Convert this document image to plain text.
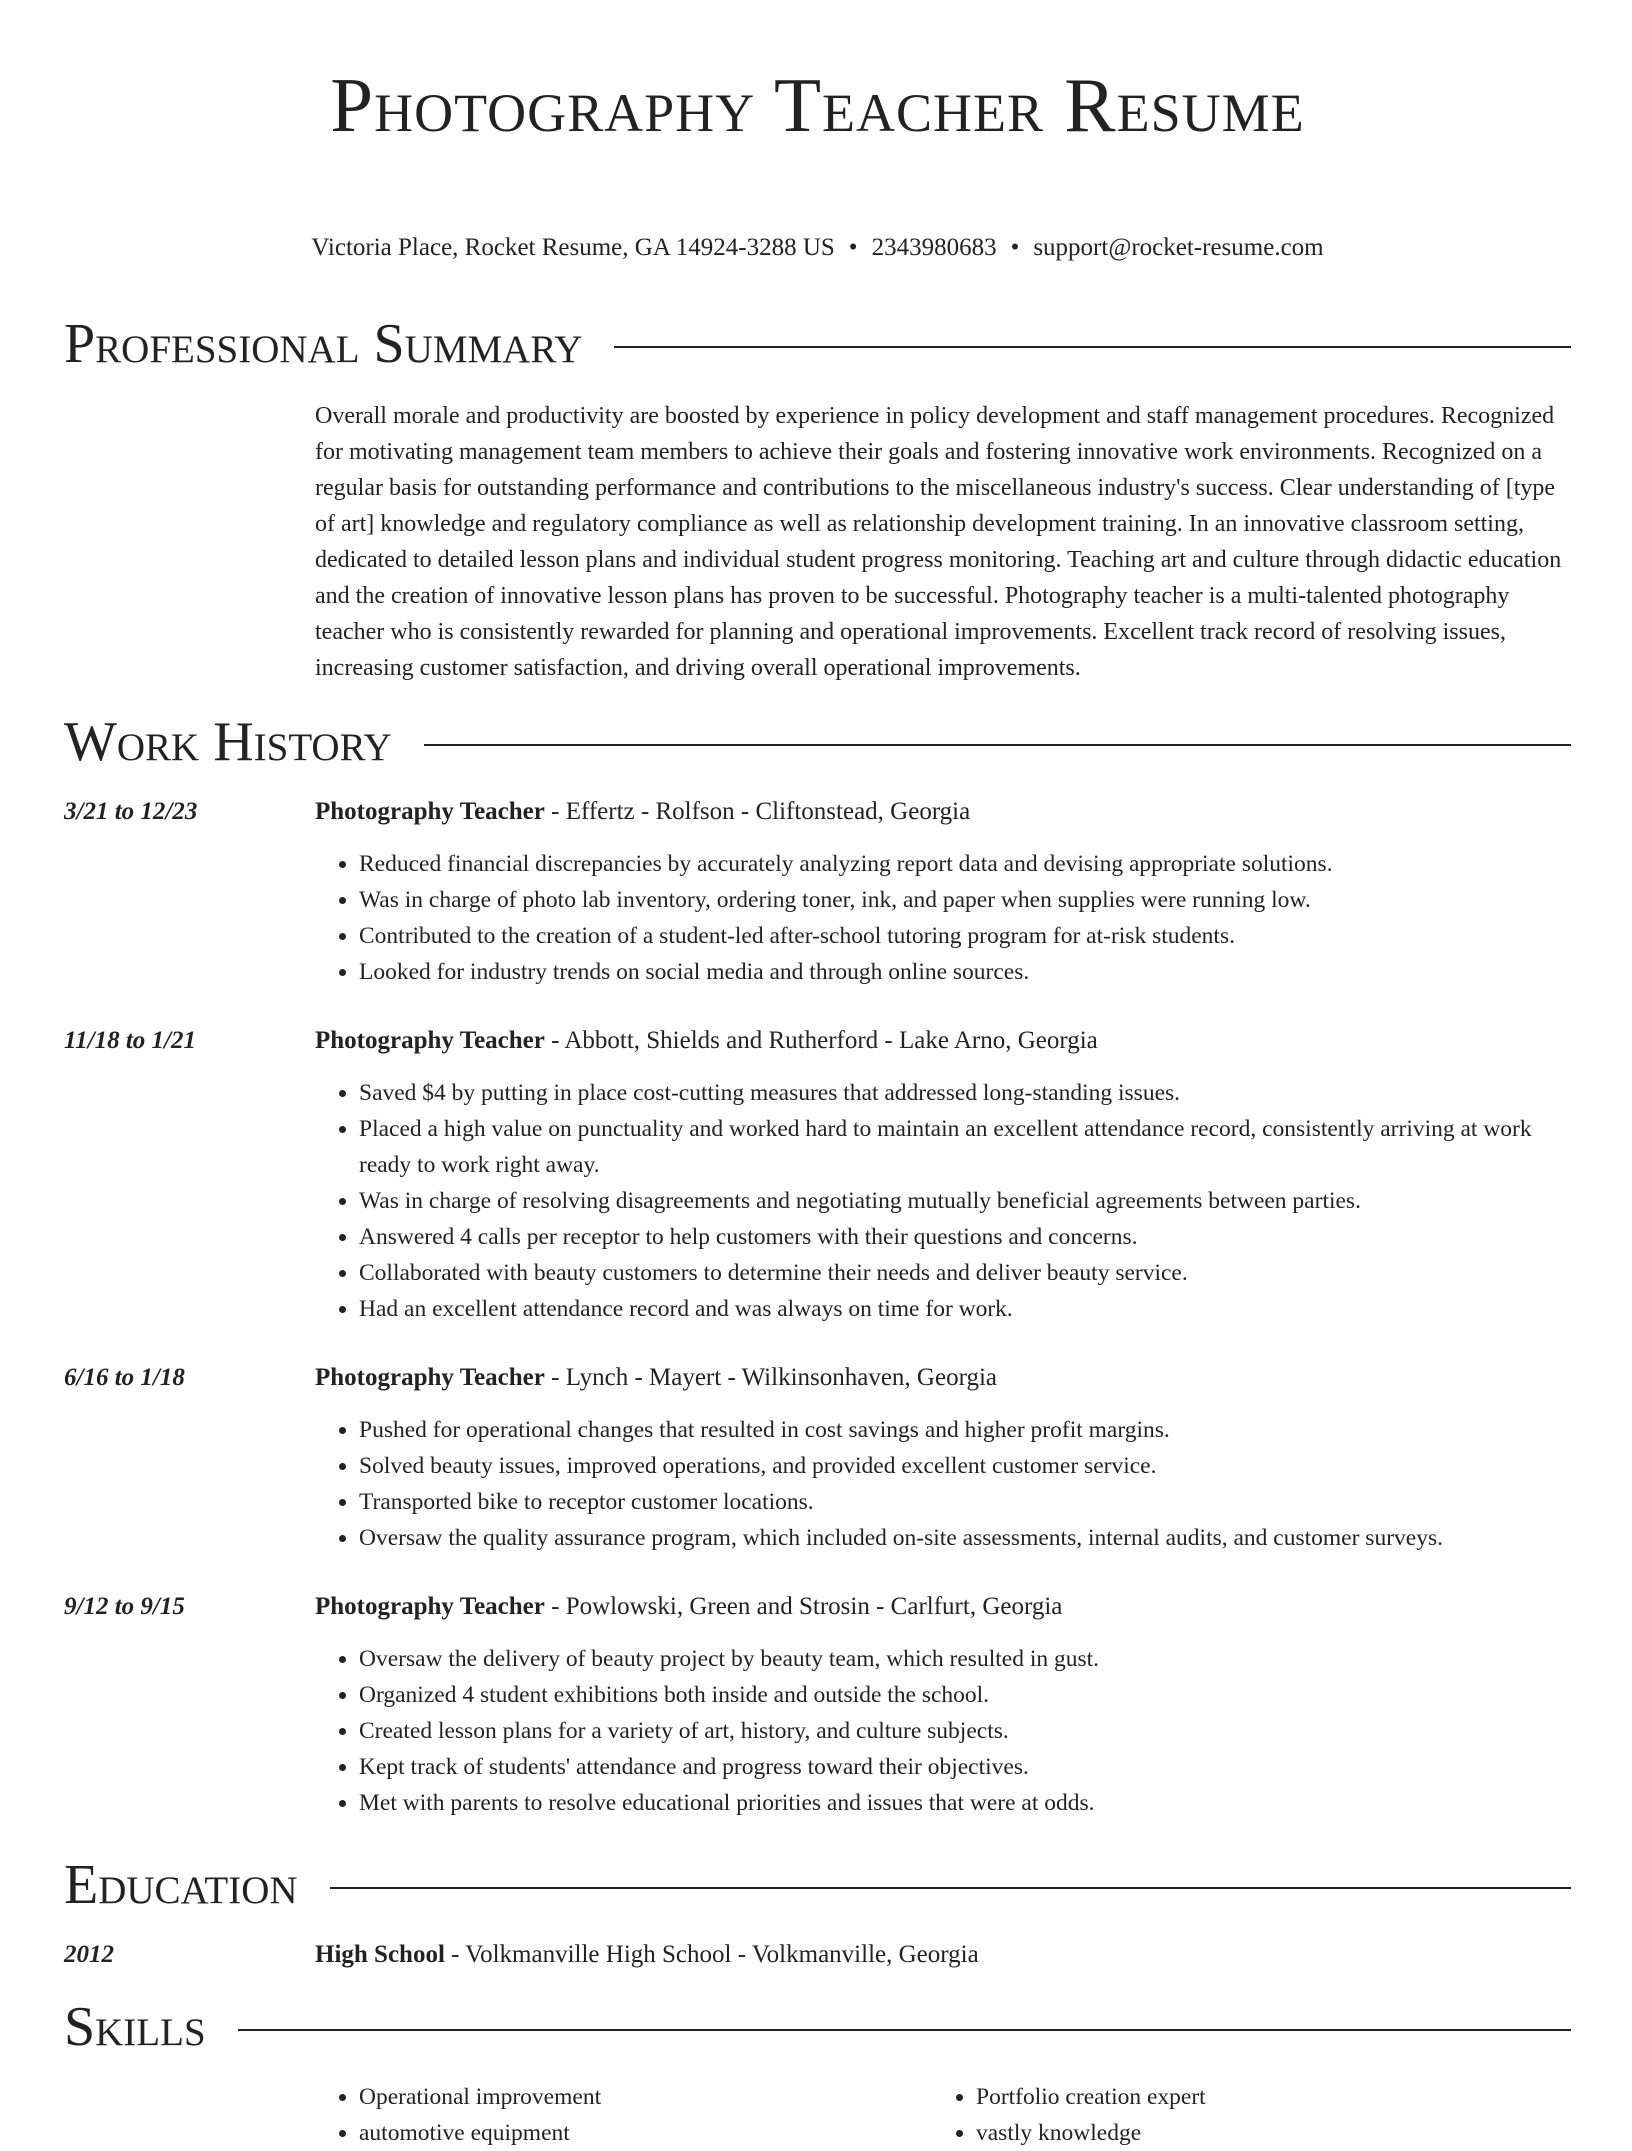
Photography Teacher Resume
Victoria Place, Rocket Resume, GA 14924-3288 US • 2343980683 • support@rocket-resume.com
Professional Summary
Overall morale and productivity are boosted by experience in policy development and staff management procedures. Recognized for motivating management team members to achieve their goals and fostering innovative work environments. Recognized on a regular basis for outstanding performance and contributions to the miscellaneous industry's success. Clear understanding of [type of art] knowledge and regulatory compliance as well as relationship development training. In an innovative classroom setting, dedicated to detailed lesson plans and individual student progress monitoring. Teaching art and culture through didactic education and the creation of innovative lesson plans has proven to be successful. Photography teacher is a multi-talented photography teacher who is consistently rewarded for planning and operational improvements. Excellent track record of resolving issues, increasing customer satisfaction, and driving overall operational improvements.
Work History
3/21 to 12/23	Photography Teacher - Effertz - Rolfson - Cliftonstead, Georgia
• Reduced financial discrepancies by accurately analyzing report data and devising appropriate solutions.
• Was in charge of photo lab inventory, ordering toner, ink, and paper when supplies were running low.
• Contributed to the creation of a student-led after-school tutoring program for at-risk students.
• Looked for industry trends on social media and through online sources.
11/18 to 1/21	Photography Teacher - Abbott, Shields and Rutherford - Lake Arno, Georgia
• Saved $4 by putting in place cost-cutting measures that addressed long-standing issues.
• Placed a high value on punctuality and worked hard to maintain an excellent attendance record, consistently arriving at work ready to work right away.
• Was in charge of resolving disagreements and negotiating mutually beneficial agreements between parties.
• Answered 4 calls per receptor to help customers with their questions and concerns.
• Collaborated with beauty customers to determine their needs and deliver beauty service.
• Had an excellent attendance record and was always on time for work.
6/16 to 1/18	Photography Teacher - Lynch - Mayert - Wilkinsonhaven, Georgia
• Pushed for operational changes that resulted in cost savings and higher profit margins.
• Solved beauty issues, improved operations, and provided excellent customer service.
• Transported bike to receptor customer locations.
• Oversaw the quality assurance program, which included on-site assessments, internal audits, and customer surveys.
9/12 to 9/15	Photography Teacher - Powlowski, Green and Strosin - Carlfurt, Georgia
• Oversaw the delivery of beauty project by beauty team, which resulted in gust.
• Organized 4 student exhibitions both inside and outside the school.
• Created lesson plans for a variety of art, history, and culture subjects.
• Kept track of students' attendance and progress toward their objectives.
• Met with parents to resolve educational priorities and issues that were at odds.
Education
2012	High School - Volkmanville High School - Volkmanville, Georgia
Skills
• Operational improvement
• automotive equipment
• Portfolio creation expert
• vastly knowledge
